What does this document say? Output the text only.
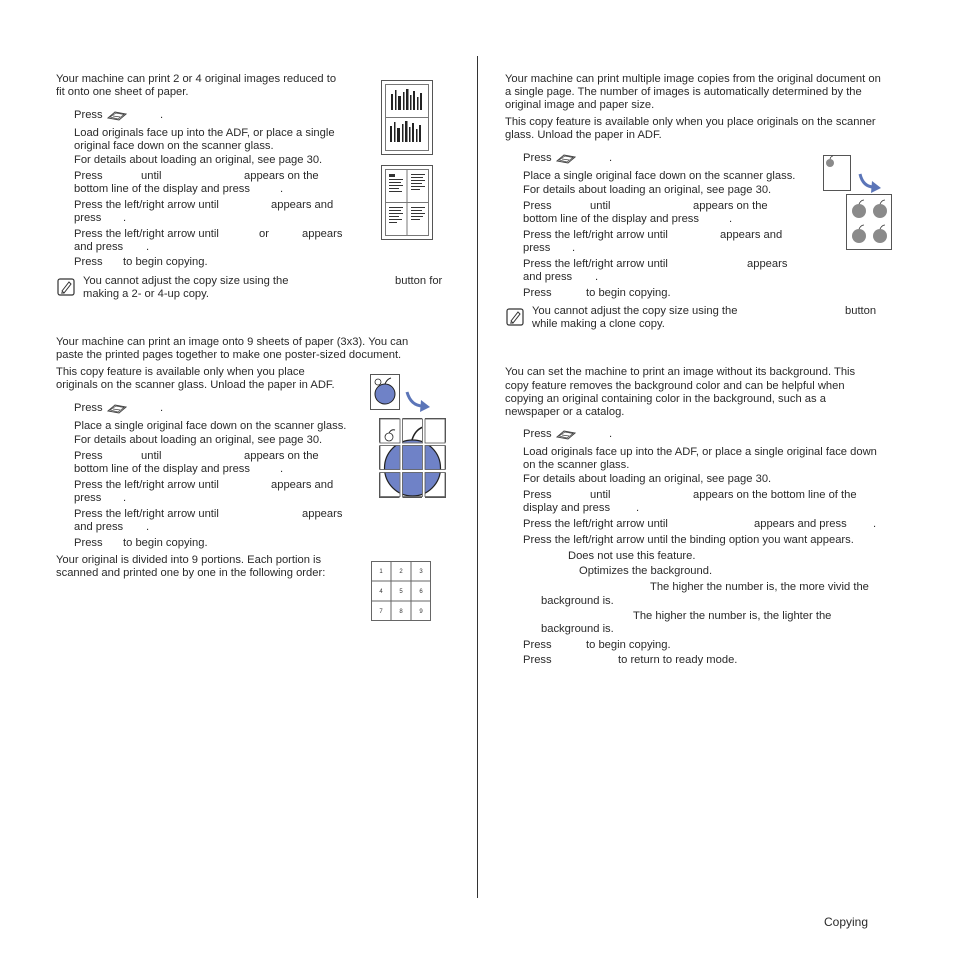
Your machine can print 2 or 4 original images reduced to
fit onto one sheet of paper.
Press	.
Load originals face up into the ADF, or place a single
original face down on the scanner glass.
For details about loading an original, see page 30.
Press	until	appears on the
bottom line of the display and press	.
Press the left/right arrow until	appears and
press .
Press the left/right arrow until	or	appears
and press .
Press to begin copying.
You cannot adjust the copy size using the	button for
making a 2- or 4-up copy.
Your machine can print an image onto 9 sheets of paper (3x3). You can
paste the printed pages together to make one poster-sized document.
This copy feature is available only when you place
originals on the scanner glass. Unload the paper in ADF.
Press	.
Place a single original face down on the scanner glass.
For details about loading an original, see page 30.
Press	until	appears on the
bottom line of the display and press	.
Press the left/right arrow until	appears and
press .
Press the left/right arrow until	appears
and press .
Press to begin copying.
Your original is divided into 9 portions. Each portion is
scanned and printed one by one in the following order:	1	2	3
4	5	6
7	8	9
Your machine can print multiple image copies from the original document on
a single page. The number of images is automatically determined by the
original image and paper size.
This copy feature is available only when you place originals on the scanner
glass. Unload the paper in ADF.
Press	.
Place a single original face down on the scanner glass.
For details about loading an original, see page 30.
Press	until	appears on the
bottom line of the display and press	.
Press the left/right arrow until	appears and
press .
Press the left/right arrow until	appears
and press .
Press	to begin copying.
You cannot adjust the copy size using the	button
while making a clone copy.
You can set the machine to print an image without its background. This
copy feature removes the background color and can be helpful when
copying an original containing color in the background, such as a
newspaper or a catalog.
Press	.
Load originals face up into the ADF, or place a single original face down
on the scanner glass.
For details about loading an original, see page 30.
Press	until	appears on the bottom line of the
display and press .
Press the left/right arrow until	appears and press .
Press the left/right arrow until the binding option you want appears.
Does not use this feature.
Optimizes the background.
The higher the number is, the more vivid the
background is.
The higher the number is, the lighter the
background is.
Press	to begin copying.
Press	to return to ready mode.
Copying
